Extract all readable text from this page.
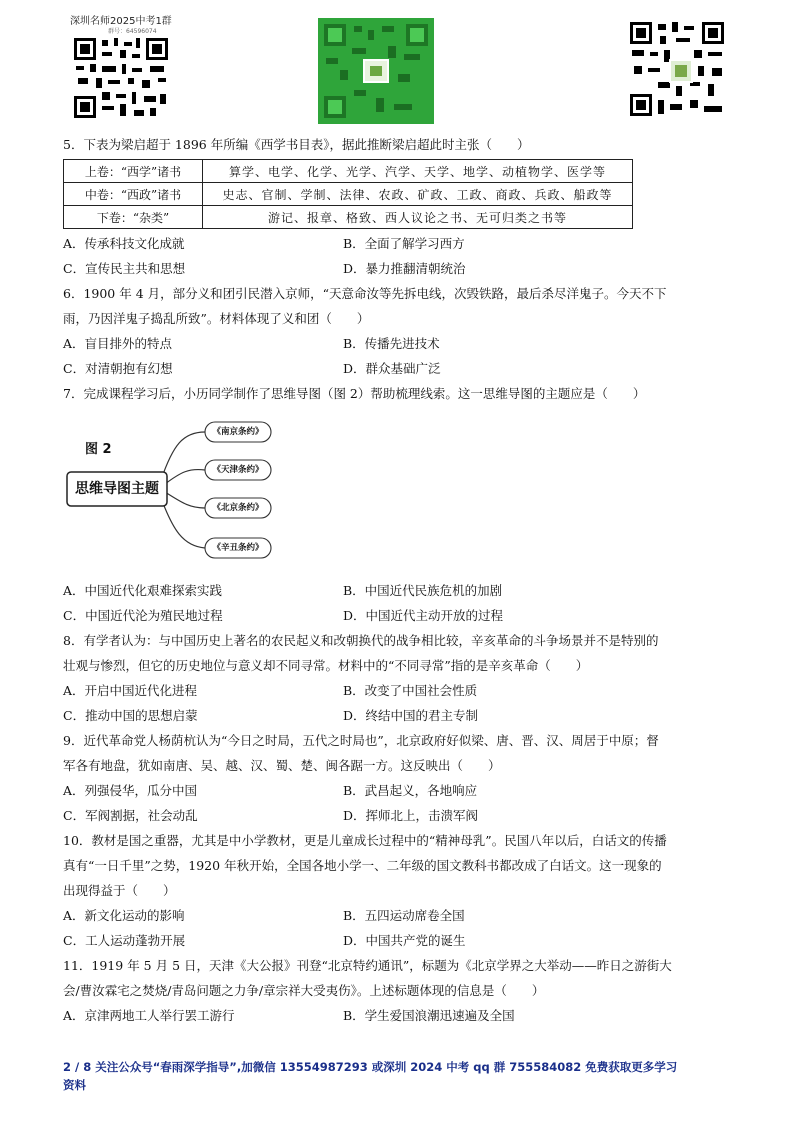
深圳名师2025中考1群
群号：64596074
5．下表为梁启超于 1896 年所编《西学书目表》，据此推断梁启超此时主张（　　）
上卷：“西学”诸书	算学、电学、化学、光学、汽学、天学、地学、动植物学、医学等
中卷：“西政”诸书	史志、官制、学制、法律、农政、矿政、工政、商政、兵政、船政等
下卷：“杂类”	游记、报章、格致、西人议论之书、无可归类之书等
A．传承科技文化成就	B．全面了解学习西方
C．宣传民主共和思想	D．暴力推翻清朝统治
6．1900 年 4 月，部分义和团引民潜入京师，“天意命汝等先拆电线，次毁铁路，最后杀尽洋鬼子。今天不下
雨，乃因洋鬼子捣乱所致”。材料体现了义和团（　　）
A．盲目排外的特点	B．传播先进技术
C．对清朝抱有幻想	D．群众基础广泛
7．完成课程学习后，小历同学制作了思维导图（图 2）帮助梳理线索。这一思维导图的主题应是（　　）
图 2
思维导图主题
《南京条约》
《天津条约》
《北京条约》
《辛丑条约》
A．中国近代化艰难探索实践	B．中国近代民族危机的加剧
C．中国近代沦为殖民地过程	D．中国近代主动开放的过程
8．有学者认为：与中国历史上著名的农民起义和改朝换代的战争相比较，辛亥革命的斗争场景并不是特别的
壮观与惨烈，但它的历史地位与意义却不同寻常。材料中的“不同寻常”指的是辛亥革命（　　）
A．开启中国近代化进程	B．改变了中国社会性质
C．推动中国的思想启蒙	D．终结中国的君主专制
9．近代革命党人杨荫杭认为“今日之时局，五代之时局也”，北京政府好似梁、唐、晋、汉、周居于中原；督
军各有地盘，犹如南唐、吴、越、汉、蜀、楚、闽各踞一方。这反映出（　　）
A．列强侵华，瓜分中国	B．武昌起义，各地响应
C．军阀割据，社会动乱	D．挥师北上，击溃军阀
10．教材是国之重器，尤其是中小学教材，更是儿童成长过程中的“精神母乳”。民国八年以后，白话文的传播
真有“一日千里”之势，1920 年秋开始，全国各地小学一、二年级的国文教科书都改成了白话文。这一现象的
出现得益于（　　）
A．新文化运动的影响	B．五四运动席卷全国
C．工人运动蓬勃开展	D．中国共产党的诞生
11．1919 年 5 月 5 日，天津《大公报》刊登“北京特约通讯”，标题为《北京学界之大举动——昨日之游街大
会/曹汝霖宅之焚烧/青岛问题之力争/章宗祥大受夷伤》。上述标题体现的信息是（　　）
A．京津两地工人举行罢工游行	B．学生爱国浪潮迅速遍及全国
2 / 8 关注公众号“春雨深学指导”,加微信 13554987293 或深圳 2024 中考 qq 群 755584082 免费获取更多学习
资料
